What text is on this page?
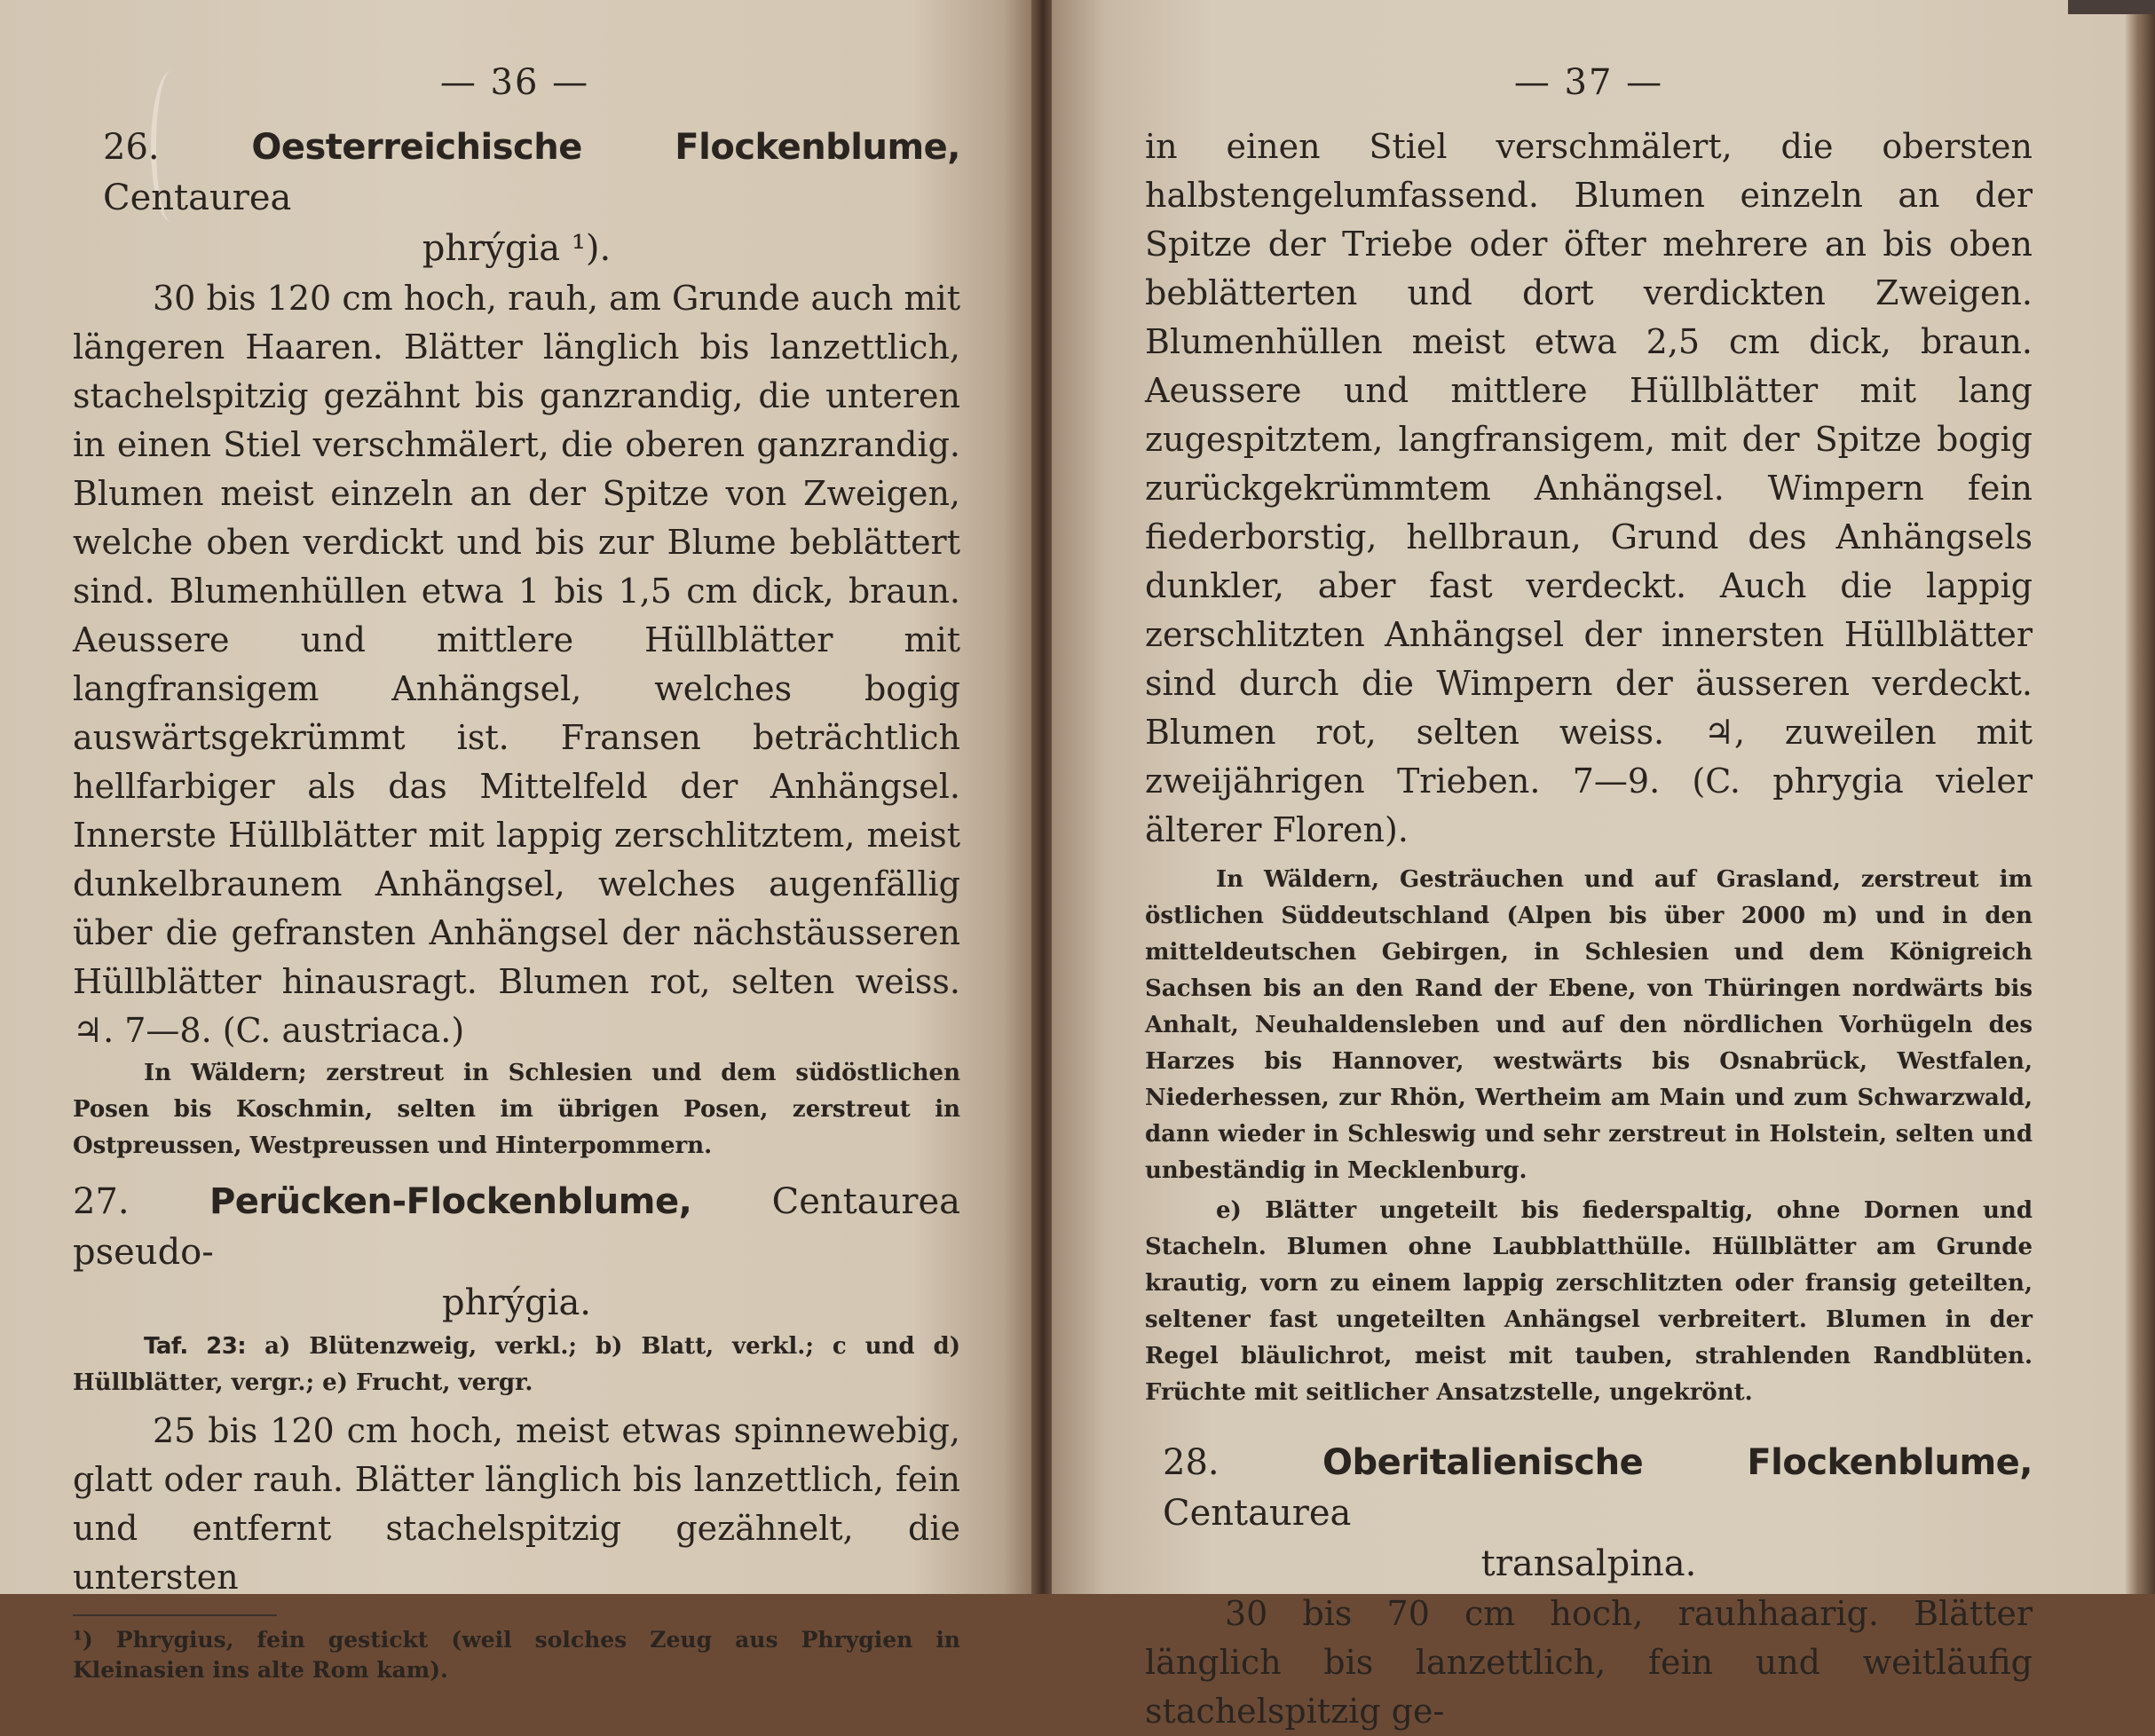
— 36 —

26.	Oesterreichische Flockenblume, Centaurea

phrýgia ¹).

30 bis 120 cm hoch, rauh, am Grunde auch mit längeren Haaren. Blätter länglich bis lanzettlich, stachelspitzig gezähnt bis ganzrandig, die unteren in einen Stiel verschmälert, die oberen ganzrandig. Blumen meist einzeln an der Spitze von Zweigen, welche oben verdickt und bis zur Blume beblättert sind. Blumenhüllen etwa 1 bis 1,5 cm dick, braun. Aeussere und mittlere Hüllblätter mit langfransigem Anhängsel, welches bogig auswärtsgekrümmt ist. Fransen beträchtlich hellfarbiger als das Mittelfeld der Anhängsel. Innerste Hüllblätter mit lappig zerschlitztem, meist dunkelbraunem Anhängsel, welches augenfällig über die gefransten Anhängsel der nächstäusseren Hüllblätter hinausragt. Blumen rot, selten weiss. ♃. 7—8. (C. austriaca.)

In Wäldern; zerstreut in Schlesien und dem südöstlichen Posen bis Koschmin, selten im übrigen Posen, zerstreut in Ostpreussen, Westpreussen und Hinterpommern.

27. Perücken-Flockenblume, Centaurea pseudo-

phrýgia.

Taf. 23: a) Blütenzweig, verkl.; b) Blatt, verkl.; c und d) Hüllblätter, vergr.; e) Frucht, vergr.

25 bis 120 cm hoch, meist etwas spinnewebig, glatt oder rauh. Blätter länglich bis lanzettlich, fein und entfernt stachelspitzig gezähnelt, die untersten

¹) Phrygius, fein gestickt (weil solches Zeug aus Phrygien in Kleinasien ins alte Rom kam).

— 37 —

in einen Stiel verschmälert, die obersten halbstengelumfassend. Blumen einzeln an der Spitze der Triebe oder öfter mehrere an bis oben beblätterten und dort verdickten Zweigen. Blumenhüllen meist etwa 2,5 cm dick, braun. Aeussere und mittlere Hüllblätter mit lang zugespitztem, langfransigem, mit der Spitze bogig zurückgekrümmtem Anhängsel. Wimpern fein fiederborstig, hellbraun, Grund des Anhängsels dunkler, aber fast verdeckt. Auch die lappig zerschlitzten Anhängsel der innersten Hüllblätter sind durch die Wimpern der äusseren verdeckt. Blumen rot, selten weiss. ♃, zuweilen mit zweijährigen Trieben. 7—9. (C. phrygia vieler älterer Floren).

In Wäldern, Gesträuchen und auf Grasland, zerstreut im östlichen Süddeutschland (Alpen bis über 2000 m) und in den mitteldeutschen Gebirgen, in Schlesien und dem Königreich Sachsen bis an den Rand der Ebene, von Thüringen nordwärts bis Anhalt, Neuhaldensleben und auf den nördlichen Vorhügeln des Harzes bis Hannover, westwärts bis Osnabrück, Westfalen, Niederhessen, zur Rhön, Wertheim am Main und zum Schwarzwald, dann wieder in Schleswig und sehr zerstreut in Holstein, selten und unbeständig in Mecklenburg.

e) Blätter ungeteilt bis fiederspaltig, ohne Dornen und Stacheln. Blumen ohne Laubblatthülle. Hüllblätter am Grunde krautig, vorn zu einem lappig zerschlitzten oder fransig geteilten, seltener fast ungeteilten Anhängsel verbreitert. Blumen in der Regel bläulichrot, meist mit tauben, strahlenden Randblüten. Früchte mit seitlicher Ansatzstelle, ungekrönt.

28.	Oberitalienische Flockenblume, Centaurea

transalpina.

30 bis 70 cm hoch, rauhhaarig. Blätter länglich bis lanzettlich, fein und weitläufig stachelspitzig ge-
